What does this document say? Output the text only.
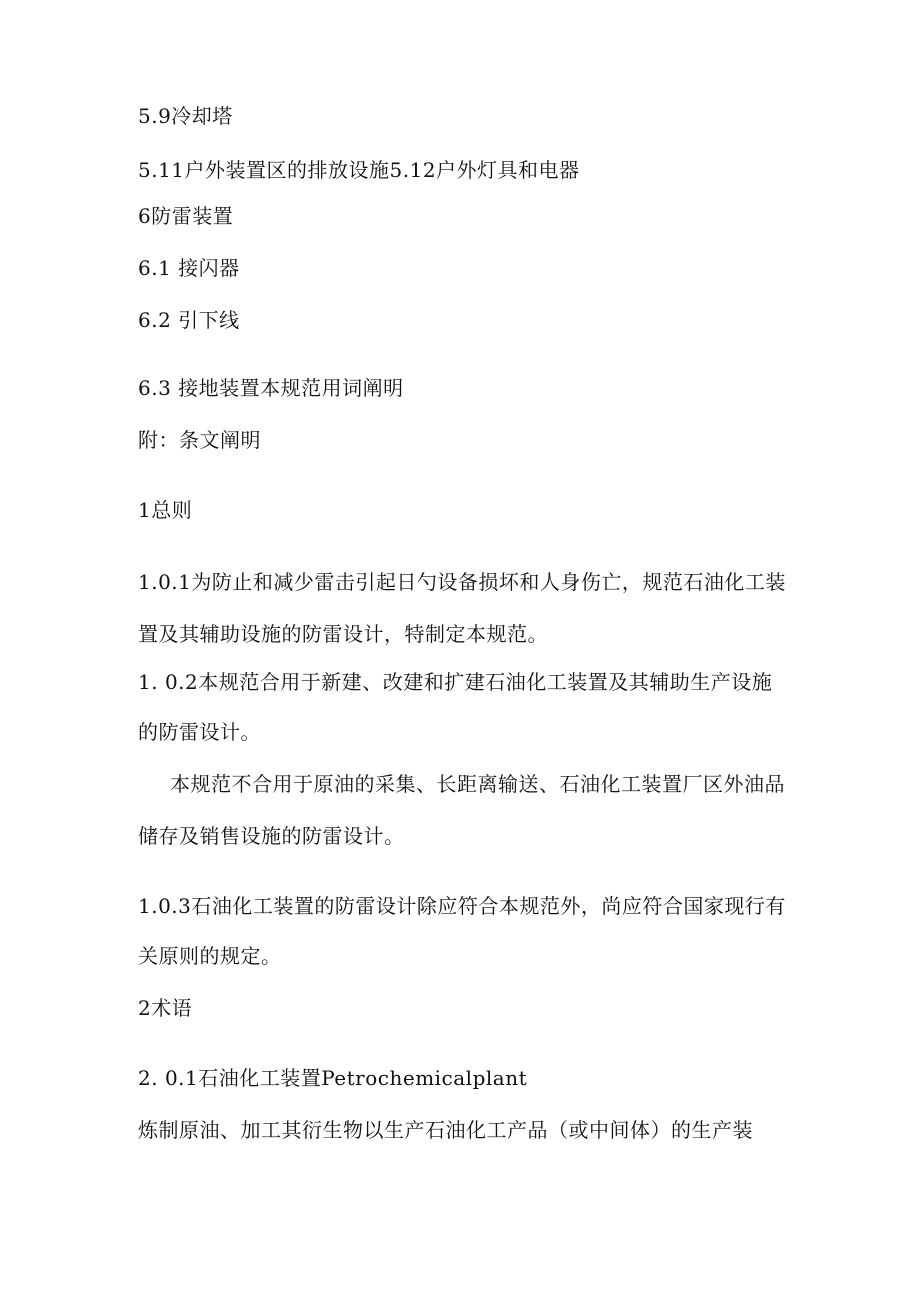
5.9冷却塔
5.11户外装置区的排放设施5.12户外灯具和电器
6防雷装置
6.1 接闪器
6.2 引下线
6.3 接地装置本规范用词阐明
附：条文阐明
1总则
1.0.1为防止和减少雷击引起日勺设备损坏和人身伤亡，规范石油化工装
置及其辅助设施的防雷设计，特制定本规范。
1. 0.2本规范合用于新建、改建和扩建石油化工装置及其辅助生产设施
的防雷设计。
本规范不合用于原油的采集、长距离输送、石油化工装置厂区外油品
储存及销售设施的防雷设计。
1.0.3石油化工装置的防雷设计除应符合本规范外，尚应符合国家现行有
关原则的规定。
2术语
2. 0.1石油化工装置Petrochemicalplant
炼制原油、加工其衍生物以生产石油化工产品（或中间体）的生产装
